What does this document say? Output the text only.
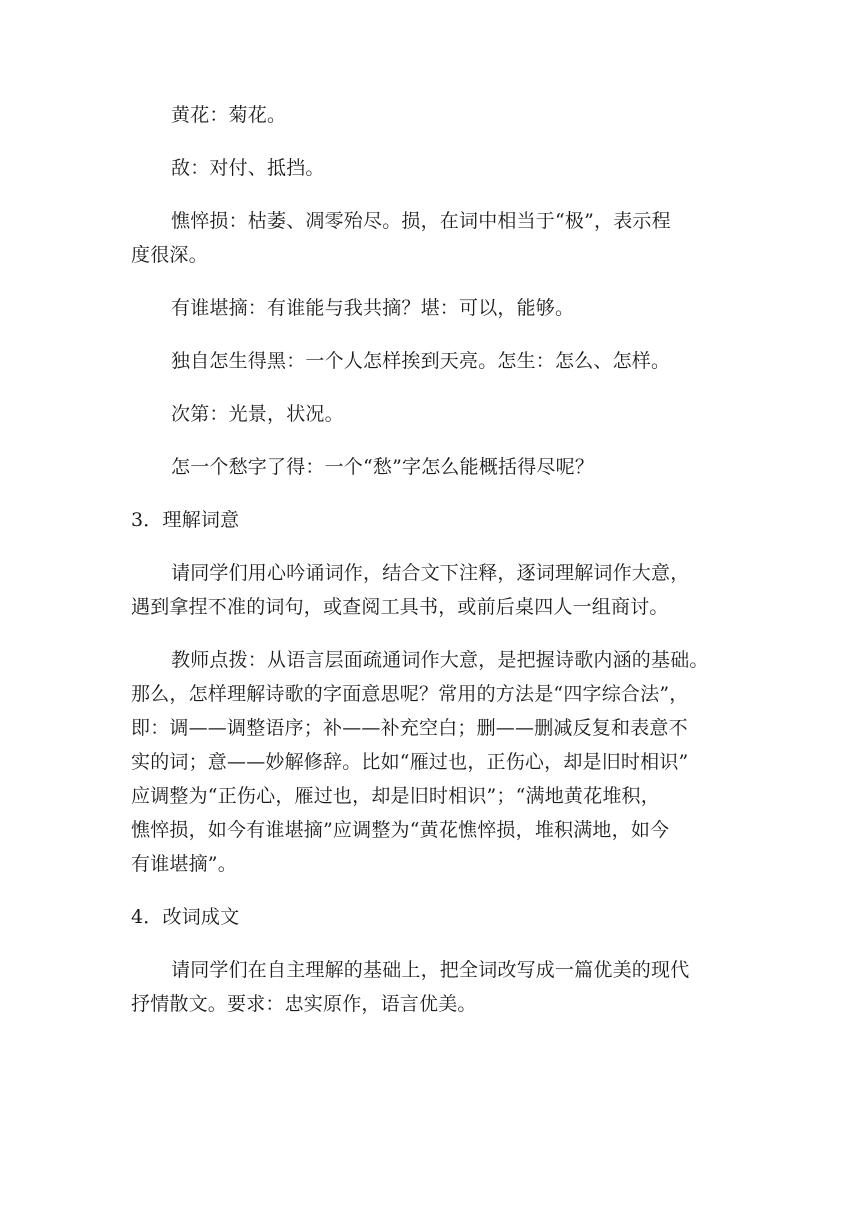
黄花：菊花。
敌：对付、抵挡。
憔悴损：枯萎、凋零殆尽。损，在词中相当于“极”，表示程
度很深。
有谁堪摘：有谁能与我共摘？堪：可以，能够。
独自怎生得黑：一个人怎样挨到天亮。怎生：怎么、怎样。
次第：光景，状况。
怎一个愁字了得：一个“愁”字怎么能概括得尽呢？
3．理解词意
请同学们用心吟诵词作，结合文下注释，逐词理解词作大意，
遇到拿捏不准的词句，或查阅工具书，或前后桌四人一组商讨。
教师点拨：从语言层面疏通词作大意，是把握诗歌内涵的基础。
那么，怎样理解诗歌的字面意思呢？常用的方法是“四字综合法”，
即：调——调整语序；补——补充空白；删——删减反复和表意不
实的词；意——妙解修辞。比如“雁过也，正伤心，却是旧时相识”
应调整为“正伤心，雁过也，却是旧时相识”；“满地黄花堆积，
憔悴损，如今有谁堪摘”应调整为“黄花憔悴损，堆积满地，如今
有谁堪摘”。
4．改词成文
请同学们在自主理解的基础上，把全词改写成一篇优美的现代
抒情散文。要求：忠实原作，语言优美。
